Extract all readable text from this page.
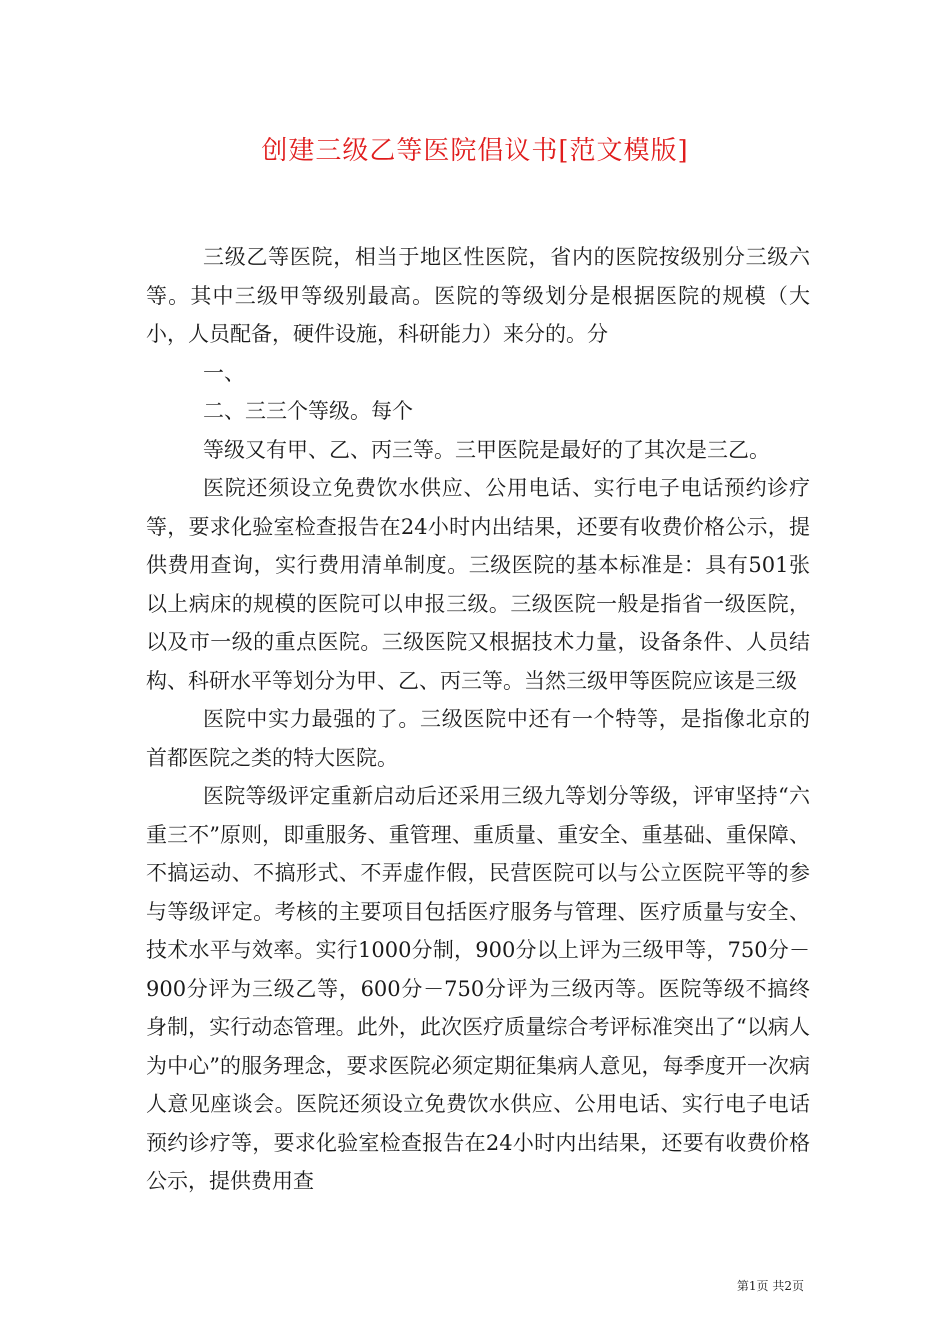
创建三级乙等医院倡议书[范文模版]

三级乙等医院，相当于地区性医院，省内的医院按级别分三级六等。其中三级甲等级别最高。医院的等级划分是根据医院的规模（大小，人员配备，硬件设施，科研能力）来分的。分

一、

二、三三个等级。每个

等级又有甲、乙、丙三等。三甲医院是最好的了其次是三乙。

医院还须设立免费饮水供应、公用电话、实行电子电话预约诊疗等，要求化验室检查报告在24小时内出结果，还要有收费价格公示，提供费用查询，实行费用清单制度。三级医院的基本标准是：具有501张以上病床的规模的医院可以申报三级。三级医院一般是指省一级医院，以及市一级的重点医院。三级医院又根据技术力量，设备条件、人员结构、科研水平等划分为甲、乙、丙三等。当然三级甲等医院应该是三级

医院中实力最强的了。三级医院中还有一个特等，是指像北京的首都医院之类的特大医院。

医院等级评定重新启动后还采用三级九等划分等级，评审坚持“六重三不”原则，即重服务、重管理、重质量、重安全、重基础、重保障、不搞运动、不搞形式、不弄虚作假，民营医院可以与公立医院平等的参与等级评定。考核的主要项目包括医疗服务与管理、医疗质量与安全、技术水平与效率。实行1000分制，900分以上评为三级甲等，750分－900分评为三级乙等，600分－750分评为三级丙等。医院等级不搞终身制，实行动态管理。此外，此次医疗质量综合考评标准突出了“以病人为中心”的服务理念，要求医院必须定期征集病人意见，每季度开一次病人意见座谈会。医院还须设立免费饮水供应、公用电话、实行电子电话预约诊疗等，要求化验室检查报告在24小时内出结果，还要有收费价格公示，提供费用查

第1页 共2页
